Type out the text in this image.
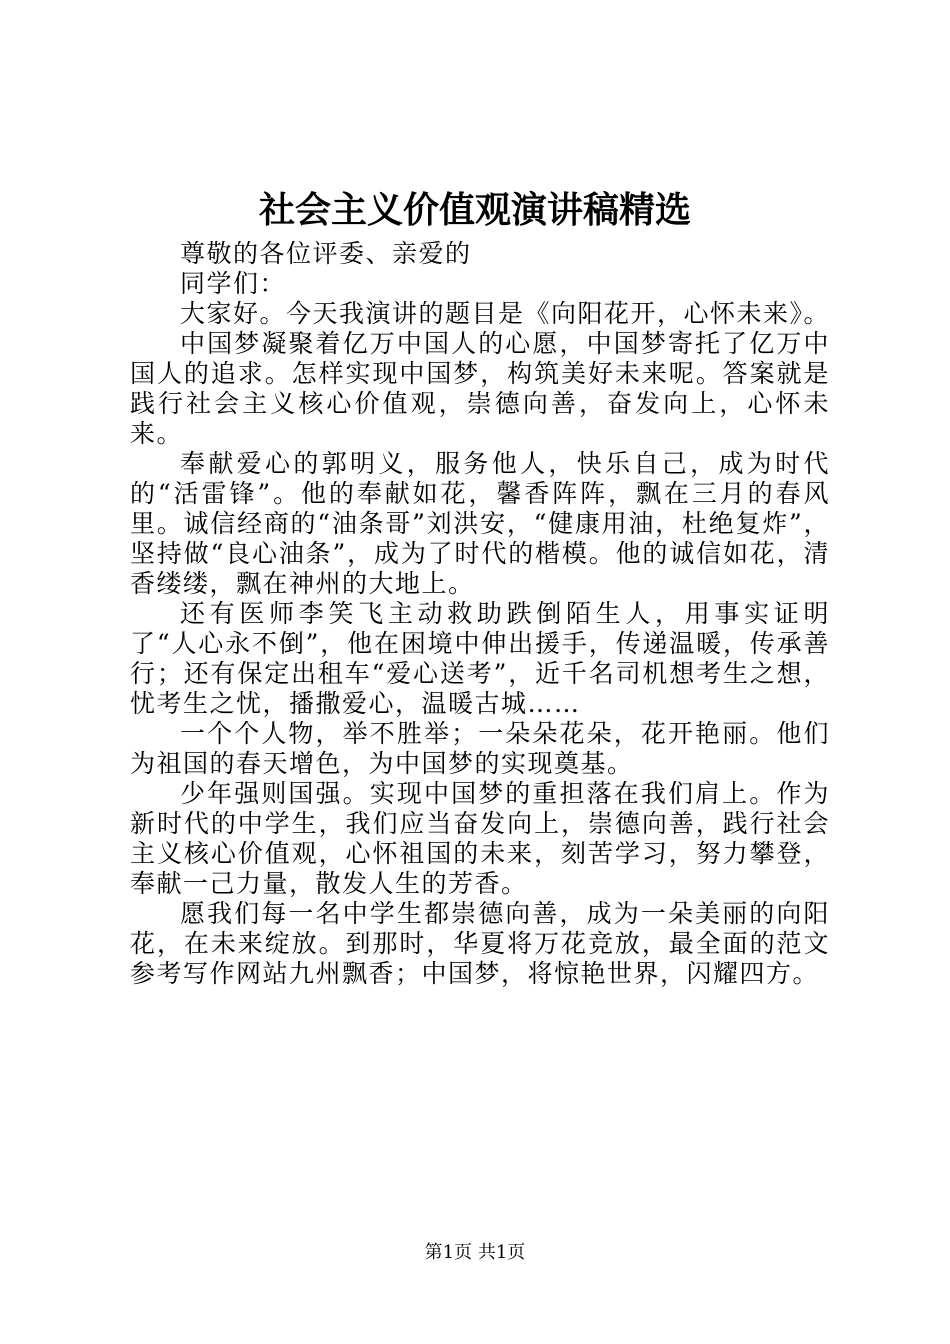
社会主义价值观演讲稿精选

尊敬的各位评委、亲爱的

同学们：

大家好。今天我演讲的题目是《向阳花开，心怀未来》。

中国梦凝聚着亿万中国人的心愿，中国梦寄托了亿万中国人的追求。怎样实现中国梦，构筑美好未来呢。答案就是践行社会主义核心价值观，崇德向善，奋发向上，心怀未来。

奉献爱心的郭明义，服务他人，快乐自己，成为时代的“活雷锋”。他的奉献如花，馨香阵阵，飘在三月的春风里。诚信经商的“油条哥”刘洪安，“健康用油，杜绝复炸”，坚持做“良心油条”，成为了时代的楷模。他的诚信如花，清香缕缕，飘在神州的大地上。

还有医师李笑飞主动救助跌倒陌生人，用事实证明了“人心永不倒”，他在困境中伸出援手，传递温暖，传承善行；还有保定出租车“爱心送考”，近千名司机想考生之想，忧考生之忧，播撒爱心，温暖古城……

一个个人物，举不胜举；一朵朵花朵，花开艳丽。他们为祖国的春天增色，为中国梦的实现奠基。

少年强则国强。实现中国梦的重担落在我们肩上。作为新时代的中学生，我们应当奋发向上，崇德向善，践行社会主义核心价值观，心怀祖国的未来，刻苦学习，努力攀登，奉献一己力量，散发人生的芳香。

愿我们每一名中学生都崇德向善，成为一朵美丽的向阳花，在未来绽放。到那时，华夏将万花竞放，最全面的范文参考写作网站九州飘香；中国梦，将惊艳世界，闪耀四方。

第1页 共1页
